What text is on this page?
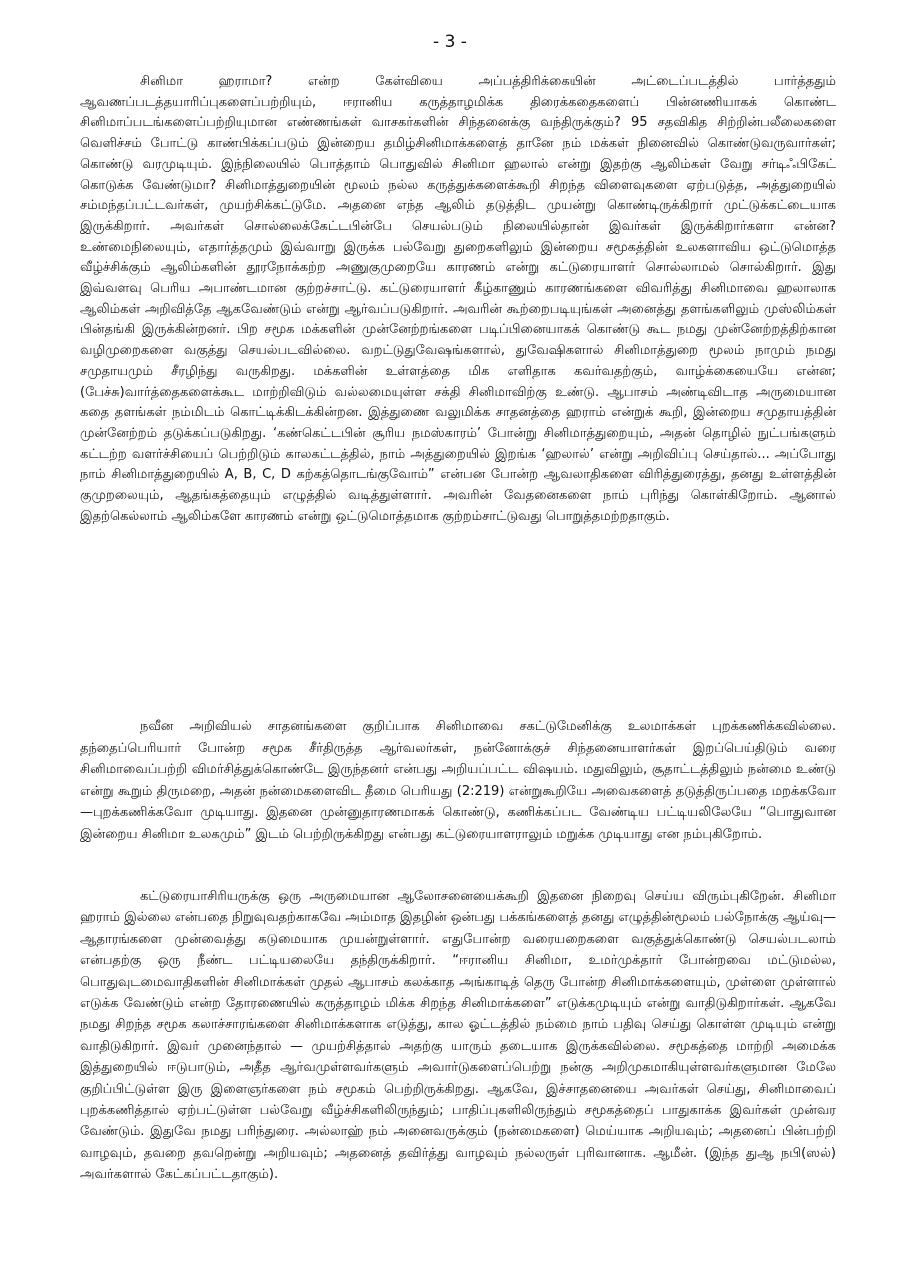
- 3 -

சினிமா ஹராமா? என்ற கேள்வியை அப்பத்திரிக்கையின் அட்டைப்படத்தில் பார்த்ததும் ஆவணப்படத்தயாரிப்புகளைப்பற்றியும், ஈரானிய கருத்தாழமிக்க திரைக்கதைகளைப் பின்னணியாகக் கொண்ட சினிமாப்படங்களைப்பற்றியுமான எண்ணங்கள் வாசகர்களின் சிந்தனைக்கு வந்திருக்கும்? 95 சதவிகித சிற்றின்பலீலைகளை வெளிச்சம் போட்டு காண்பிக்கப்படும் இன்றைய தமிழ்சினிமாக்களைத் தானே நம் மக்கள் நினைவில் கொண்டுவருவார்கள்; கொண்டு வரமுடியும். இந்நிலையில் பொத்தாம் பொதுவில் சினிமா ஹலால் என்று இதற்கு ஆலிம்கள் வேறு சர்டிஃபிகேட் கொடுக்க வேண்டுமா? சினிமாத்துறையின் மூலம் நல்ல கருத்துக்களைக்கூறி சிறந்த விளைவுகளை ஏற்படுத்த, அத்துறையில் சம்மந்தப்பட்டவர்கள், முயற்சிக்கட்டுமே. அதனை எந்த ஆலிம் தடுத்திட முயன்று கொண்டிருக்கிறார் முட்டுக்கட்டையாக இருக்கிறார். அவர்கள் சொல்லைக்கேட்டபின்பே செயல்படும் நிலையில்தான் இவர்கள் இருக்கிறார்களா என்ன? உண்மைநிலையும், எதார்த்தமும் இவ்வாறு இருக்க பல்வேறு துறைகளிலும் இன்றைய சமூகத்தின் உலகளாவிய ஒட்டுமொத்த வீழ்ச்சிக்கும் ஆலிம்களின் தூரநோக்கற்ற அணுகுமுறையே காரணம் என்று கட்டுரையாளர் சொல்லாமல் சொல்கிறார். இது இவ்வளவு பெரிய அபாண்டமான குற்றச்சாட்டு. கட்டுரையாளர் கீழ்காணும் காரணங்களை விவரித்து சினிமாவை ஹலாலாக ஆலிம்கள் அறிவித்தே ஆகவேண்டும் என்று ஆர்வப்படுகிறார். அவரின் கூற்றைபடியுங்கள் அனைத்து தளங்களிலும் முஸ்லிம்கள் பின்தங்கி இருக்கின்றனர். பிற சமூக மக்களின் முன்னேற்றங்களை படிப்பினையாகக் கொண்டு கூட நமது முன்னேற்றத்திற்கான வழிமுறைகளை வகுத்து செயல்படவில்லை. வறட்டுதுவேஷங்களால், துவேஷிகளால் சினிமாத்துறை மூலம் நாமும் நமது சமுதாயமும் சீரழிந்து வருகிறது. மக்களின் உள்ளத்தை மிக எளிதாக கவர்வதற்கும், வாழ்க்கையையே என்ன; (பேச்சு)வார்த்தைகளைக்கூட மாற்றிவிடும் வல்லமையுள்ள சக்தி சினிமாவிற்கு உண்டு. ஆபாசம் அண்டிவிடாத அருமையான கதை தளங்கள் நம்மிடம் கொட்டிக்கிடக்கின்றன. இத்துணை வலுமிக்க சாதனத்தை ஹராம் என்றுக் கூறி, இன்றைய சமுதாயத்தின் முன்னேற்றம் தடுக்கப்படுகிறது. ‘கண்கெட்டபின் சூரிய நமஸ்காரம்’ போன்று சினிமாத்துறையும், அதன் தொழில் நுட்பங்களும் கட்டற்ற வளர்ச்சியைப் பெற்றிடும் காலகட்டத்தில், நாம் அத்துறையில் இறங்க ‘ஹலால்’ என்று அறிவிப்பு செய்தால்... அப்போது நாம் சினிமாத்துறையில் A, B, C, D கற்கத்தொடங்குவோம்” என்பன போன்ற ஆவலாதிகளை விரித்துரைத்து, தனது உள்ளத்தின் குமுறலையும், ஆதங்கத்தையும் எழுத்தில் வடித்துள்ளார். அவரின் வேதனைகளை நாம் புரிந்து கொள்கிறோம். ஆனால் இதற்கெல்லாம் ஆலிம்களே காரணம் என்று ஒட்டுமொத்தமாக குற்றம்சாட்டுவது பொறுத்தமற்றதாகும்.

நவீன அறிவியல் சாதனங்களை குறிப்பாக சினிமாவை சகட்டுமேனிக்கு உலமாக்கள் புறக்கணிக்கவில்லை. தந்தைப்பெரியார் போன்ற சமூக சீர்திருத்த ஆர்வலர்கள், நன்னோக்குச் சிந்தனையாளர்கள் இறப்பெய்திடும் வரை சினிமாவைப்பற்றி விமர்சித்துக்கொண்டே இருந்தனர் என்பது அறியப்பட்ட விஷயம். மதுவிலும், சூதாட்டத்திலும் நன்மை உண்டு என்று கூறும் திருமறை, அதன் நன்மைகளைவிட தீமை பெரியது (2:219) என்றுகூறியே அவைகளைத் தடுத்திருப்பதை மறக்கவோ—புறக்கணிக்கவோ முடியாது. இதனை முன்னுதாரணமாகக் கொண்டு, கணிக்கப்பட வேண்டிய பட்டியலிலேயே “பொதுவான இன்றைய சினிமா உலகமும்” இடம் பெற்றிருக்கிறது என்பது கட்டுரையாளராலும் மறுக்க முடியாது என நம்புகிறோம்.

கட்டுரையாசிரியருக்கு ஒரு அருமையான ஆலோசனையைக்கூறி இதனை நிறைவு செய்ய விரும்புகிறேன். சினிமா ஹராம் இல்லை என்பதை நிறுவுவதற்காகவே அம்மாத இதழின் ஒன்பது பக்கங்களைத் தனது எழுத்தின்மூலம் பல்நோக்கு ஆய்வு— ஆதாரங்களை முன்வைத்து கடுமையாக முயன்றுள்ளார். எதுபோன்ற வரையறைகளை வகுத்துக்கொண்டு செயல்படலாம் என்பதற்கு ஒரு நீண்ட பட்டியலையே தந்திருக்கிறார். “ஈரானிய சினிமா, உமர்முக்தார் போன்றவை மட்டுமல்ல, பொதுவுடமைவாதிகளின் சினிமாக்கள் முதல் ஆபாசம் கலக்காத அங்காடித் தெரு போன்ற சினிமாக்களையும், முள்ளை முள்ளால் எடுக்க வேண்டும் என்ற தோரணையில் கருத்தாழம் மிக்க சிறந்த சினிமாக்களை” எடுக்கமுடியும் என்று வாதிடுகிறார்கள். ஆகவே நமது சிறந்த சமூக கலாச்சாரங்களை சினிமாக்களாக எடுத்து, கால ஓட்டத்தில் நம்மை நாம் பதிவு செய்து கொள்ள முடியும் என்று வாதிடுகிறார். இவர் முனைந்தால் — முயற்சித்தால் அதற்கு யாரும் தடையாக இருக்கவில்லை. சமூகத்தை மாற்றி அமைக்க இத்துறையில் ஈடுபாடும், அதீத ஆர்வமுள்ளவர்களும் அவார்டுகளைப்பெற்று நன்கு அறிமுகமாகியுள்ளவர்களுமான மேலே குறிப்பிட்டுள்ள இரு இளைஞர்களை நம் சமூகம் பெற்றிருக்கிறது. ஆகவே, இச்சாதனையை அவர்கள் செய்து, சினிமாவைப் புறக்கணித்தால் ஏற்பட்டுள்ள பல்வேறு வீழ்ச்சிகளிலிருந்தும்; பாதிப்புகளிலிருந்தும் சமூகத்தைப் பாதுகாக்க இவர்கள் முன்வர வேண்டும். இதுவே நமது பரிந்துரை. அல்லாஹ் நம் அனைவருக்கும் (நன்மைகளை) மெய்யாக அறியவும்; அதனைப் பின்பற்றி வாழவும், தவறை தவறென்று அறியவும்; அதனைத் தவிர்த்து வாழவும் நல்லருள் புரிவானாக. ஆமீன். (இந்த துஆ நபி(ஸல்) அவர்களால் கேட்கப்பட்டதாகும்).
